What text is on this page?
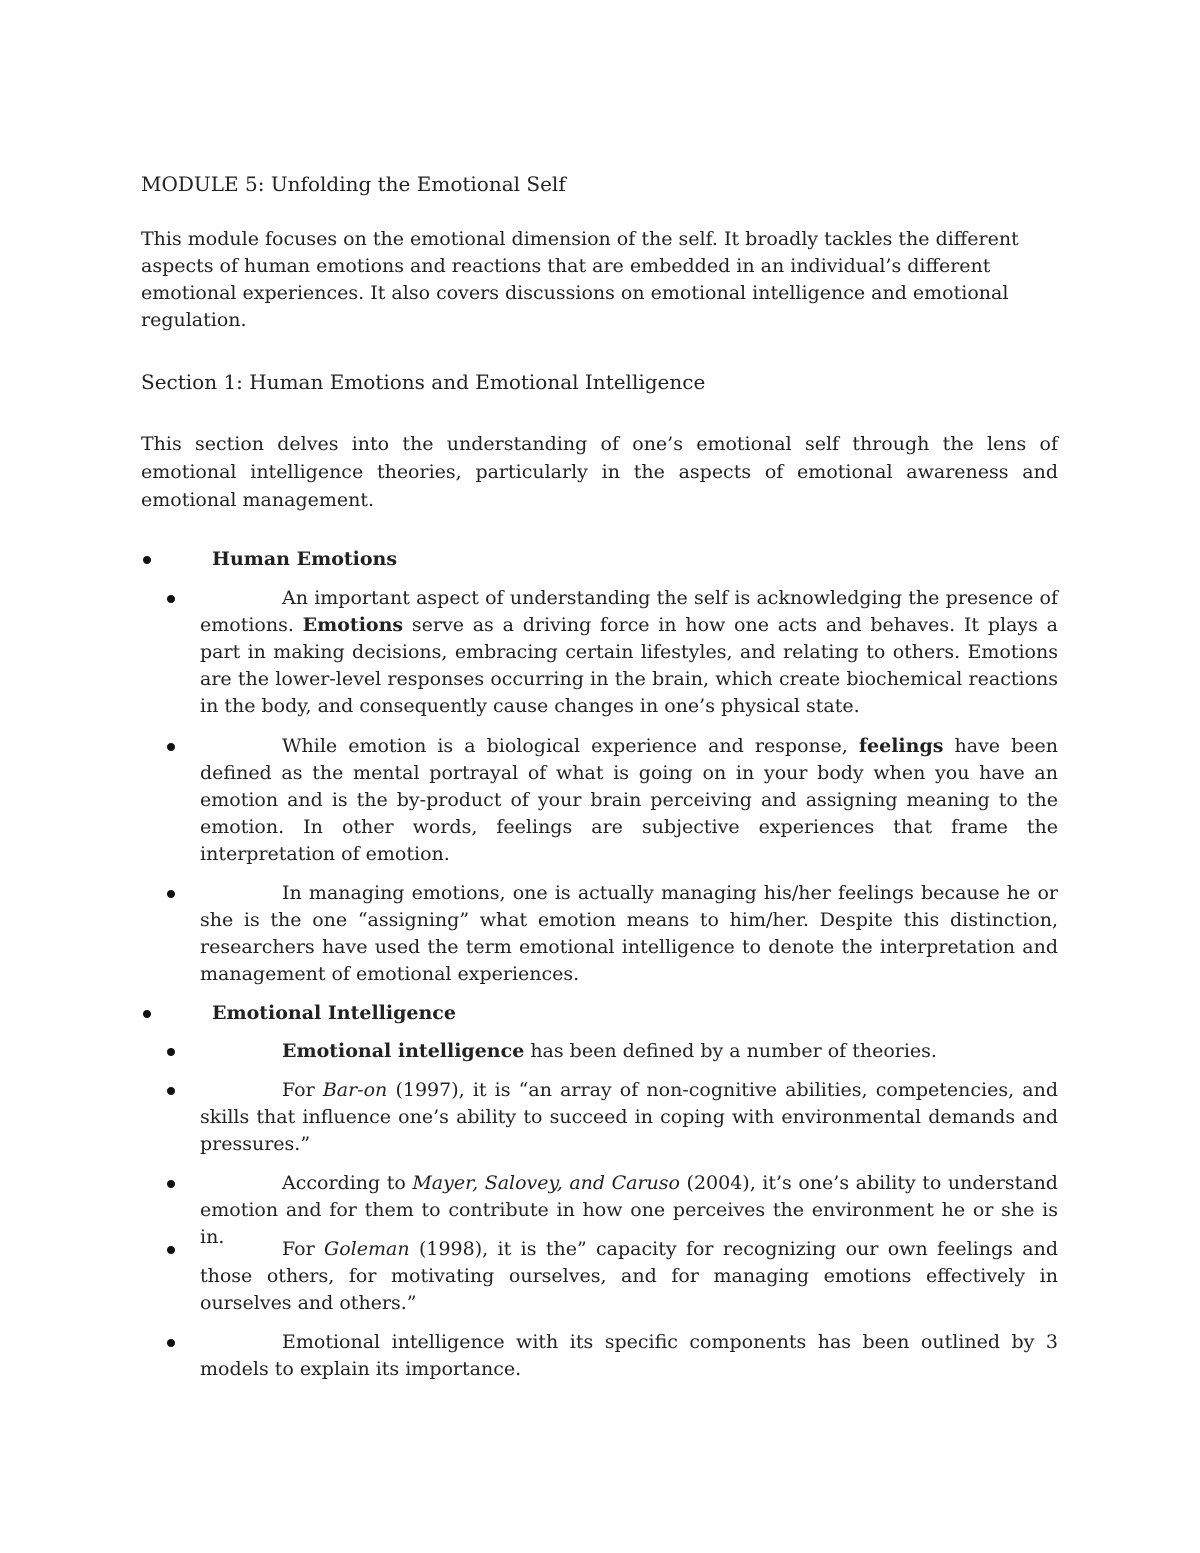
MODULE 5: Unfolding the Emotional Self

This module focuses on the emotional dimension of the self. It broadly tackles the different aspects of human emotions and reactions that are embedded in an individual’s different emotional experiences. It also covers discussions on emotional intelligence and emotional regulation.

Section 1: Human Emotions and Emotional Intelligence

This section delves into the understanding of one’s emotional self through the lens of emotional intelligence theories, particularly in the aspects of emotional awareness and emotional management.

Human Emotions

An important aspect of understanding the self is acknowledging the presence of emotions. Emotions serve as a driving force in how one acts and behaves. It plays a part in making decisions, embracing certain lifestyles, and relating to others. Emotions are the lower-level responses occurring in the brain, which create biochemical reactions in the body, and consequently cause changes in one’s physical state.

While emotion is a biological experience and response, feelings have been defined as the mental portrayal of what is going on in your body when you have an emotion and is the by-product of your brain perceiving and assigning meaning to the emotion. In other words, feelings are subjective experiences that frame the interpretation of emotion.

In managing emotions, one is actually managing his/her feelings because he or she is the one “assigning” what emotion means to him/her. Despite this distinction, researchers have used the term emotional intelligence to denote the interpretation and management of emotional experiences.

Emotional Intelligence

Emotional intelligence has been defined by a number of theories.

For Bar-on (1997), it is “an array of non-cognitive abilities, competencies, and skills that influence one’s ability to succeed in coping with environmental demands and pressures.”

According to Mayer, Salovey, and Caruso (2004), it’s one’s ability to understand emotion and for them to contribute in how one perceives the environment he or she is in.

For Goleman (1998), it is the” capacity for recognizing our own feelings and those others, for motivating ourselves, and for managing emotions effectively in ourselves and others.”

Emotional intelligence with its specific components has been outlined by 3 models to explain its importance.
